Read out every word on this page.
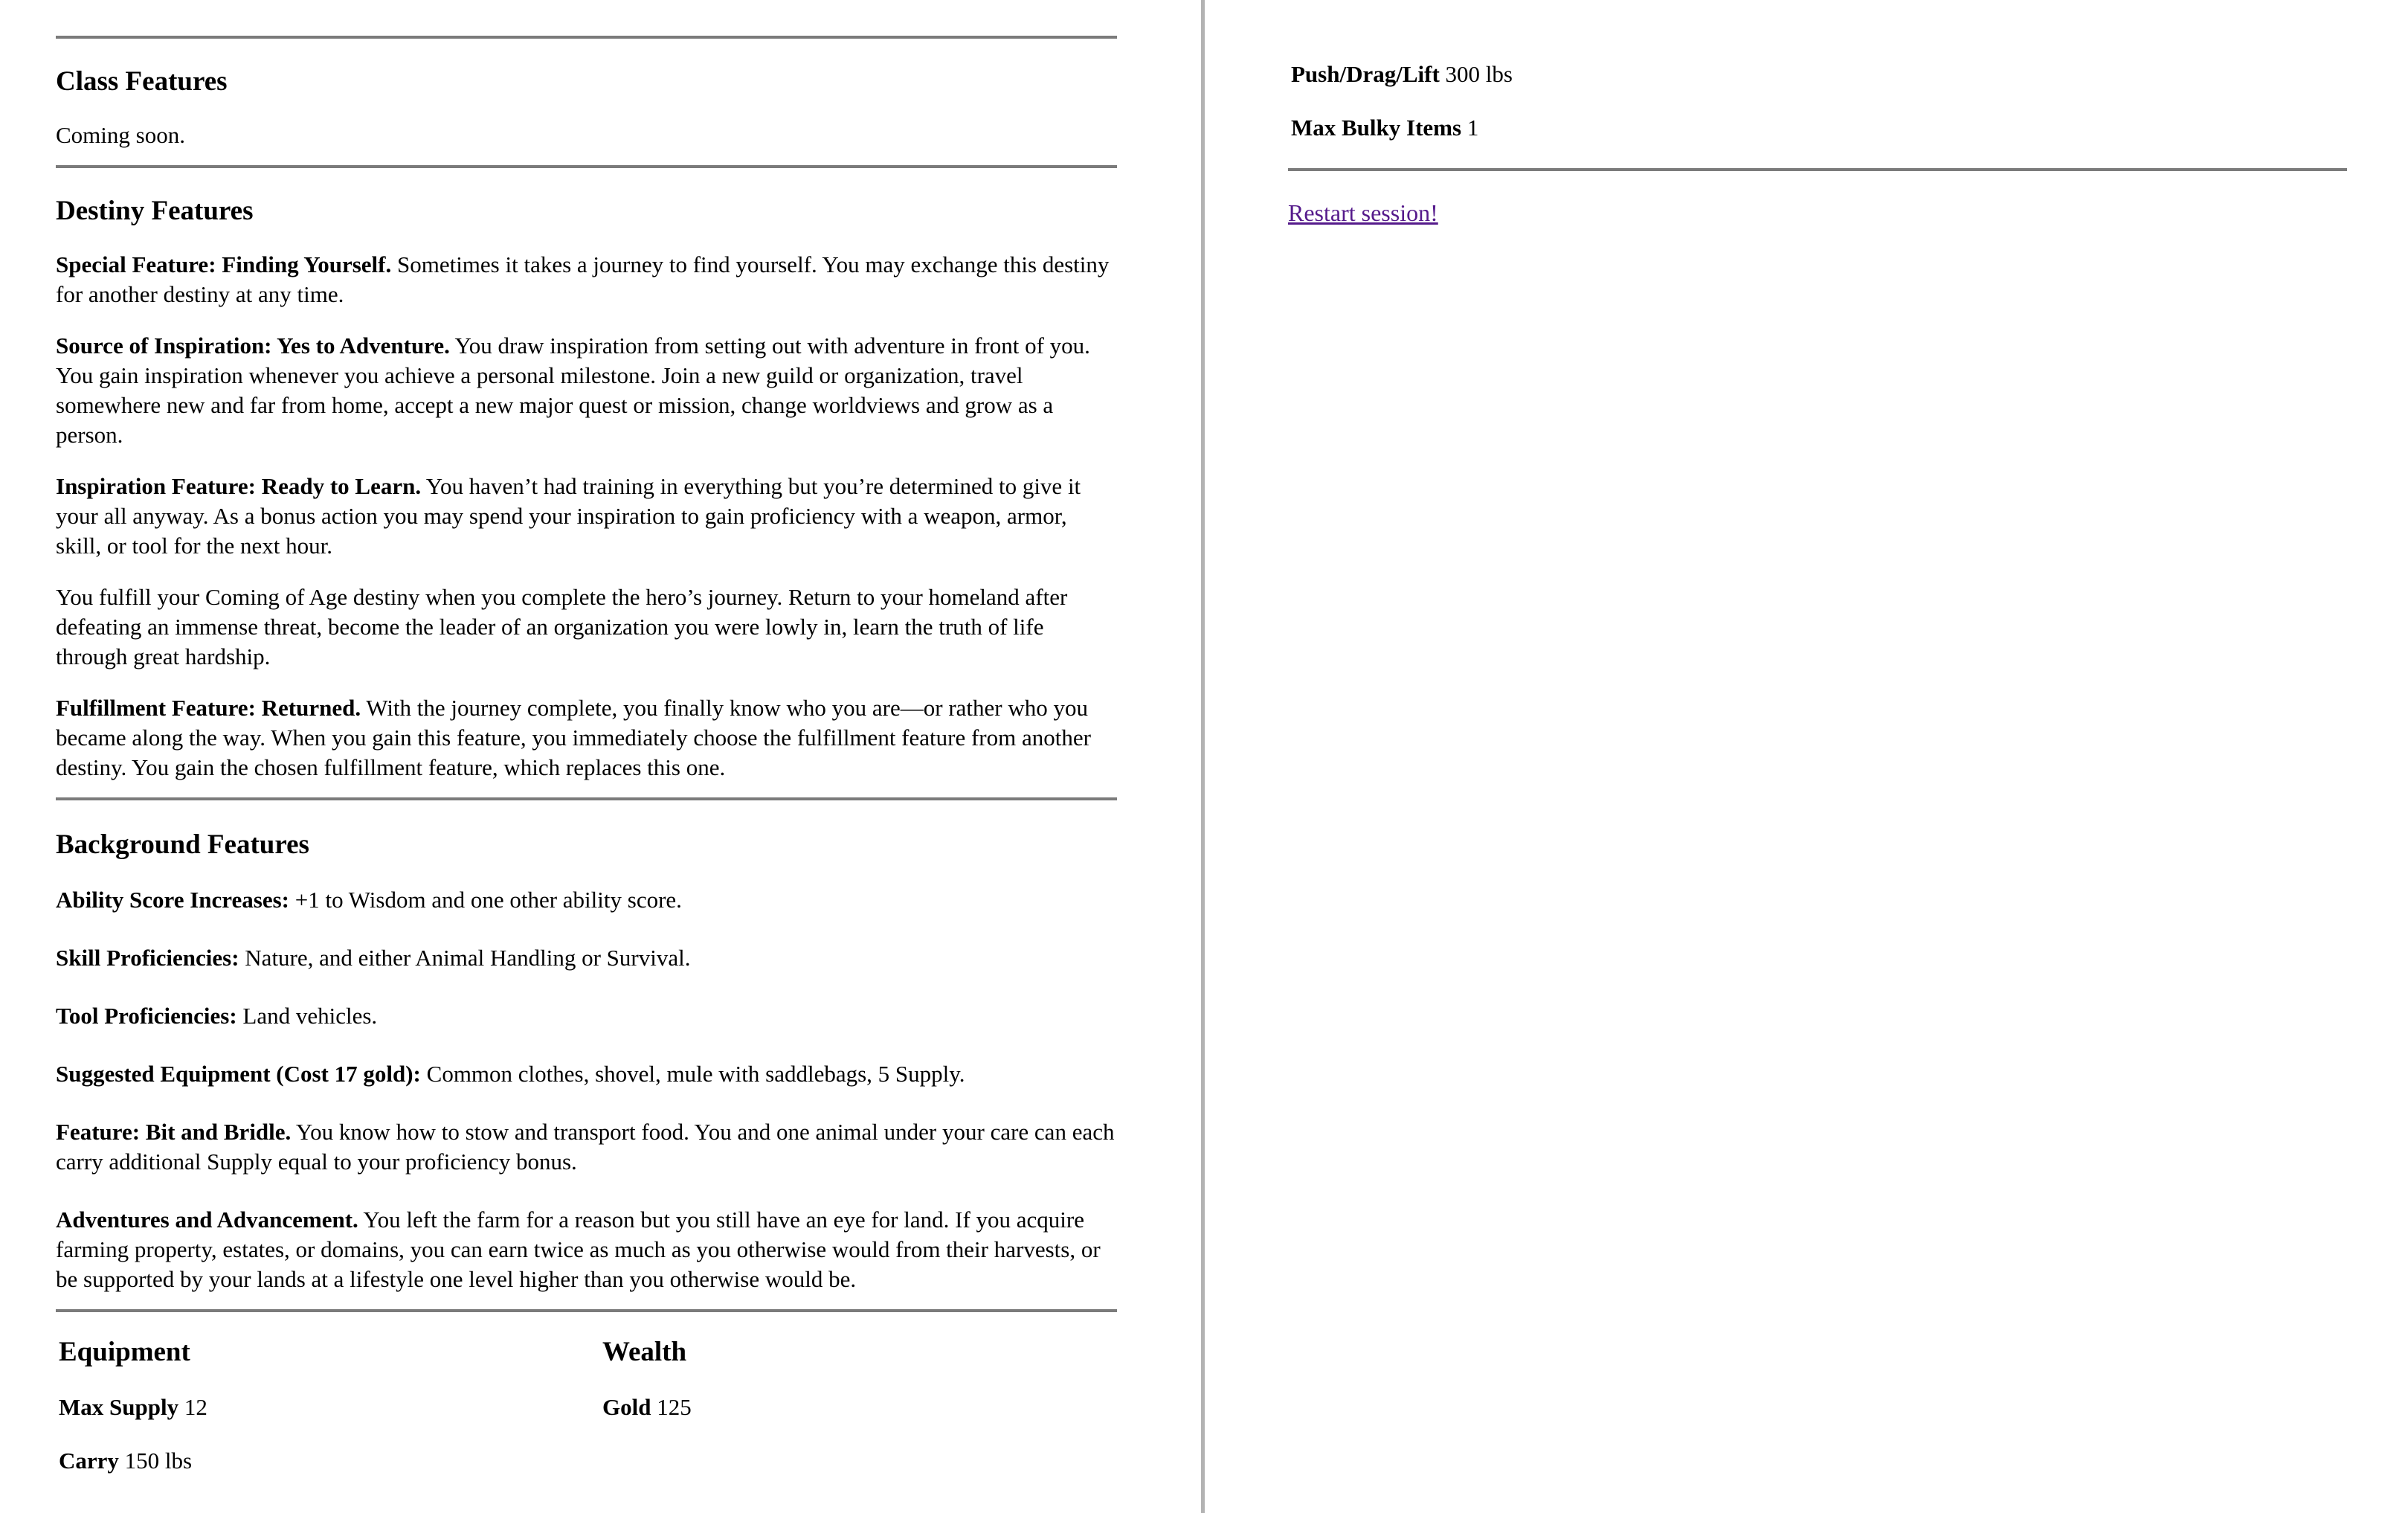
Class Features

Coming soon.

Destiny Features

Special Feature: Finding Yourself. Sometimes it takes a journey to find yourself. You may exchange this destiny for another destiny at any time.

Source of Inspiration: Yes to Adventure. You draw inspiration from setting out with adventure in front of you. You gain inspiration whenever you achieve a personal milestone. Join a new guild or organization, travel somewhere new and far from home, accept a new major quest or mission, change worldviews and grow as a person.

Inspiration Feature: Ready to Learn. You haven’t had training in everything but you’re determined to give it your all anyway. As a bonus action you may spend your inspiration to gain proficiency with a weapon, armor, skill, or tool for the next hour.

You fulfill your Coming of Age destiny when you complete the hero’s journey. Return to your homeland after defeating an immense threat, become the leader of an organization you were lowly in, learn the truth of life through great hardship.

Fulfillment Feature: Returned. With the journey complete, you finally know who you are—or rather who you became along the way. When you gain this feature, you immediately choose the fulfillment feature from another destiny. You gain the chosen fulfillment feature, which replaces this one.

Background Features

Ability Score Increases: +1 to Wisdom and one other ability score.

Skill Proficiencies: Nature, and either Animal Handling or Survival.

Tool Proficiencies: Land vehicles.

Suggested Equipment (Cost 17 gold): Common clothes, shovel, mule with saddlebags, 5 Supply.

Feature: Bit and Bridle. You know how to stow and transport food. You and one animal under your care can each carry additional Supply equal to your proficiency bonus.

Adventures and Advancement. You left the farm for a reason but you still have an eye for land. If you acquire farming property, estates, or domains, you can earn twice as much as you otherwise would from their harvests, or be supported by your lands at a lifestyle one level higher than you otherwise would be.

Equipment

Max Supply 12

Carry 150 lbs

Wealth

Gold 125

Push/Drag/Lift 300 lbs

Max Bulky Items 1

Restart session!
